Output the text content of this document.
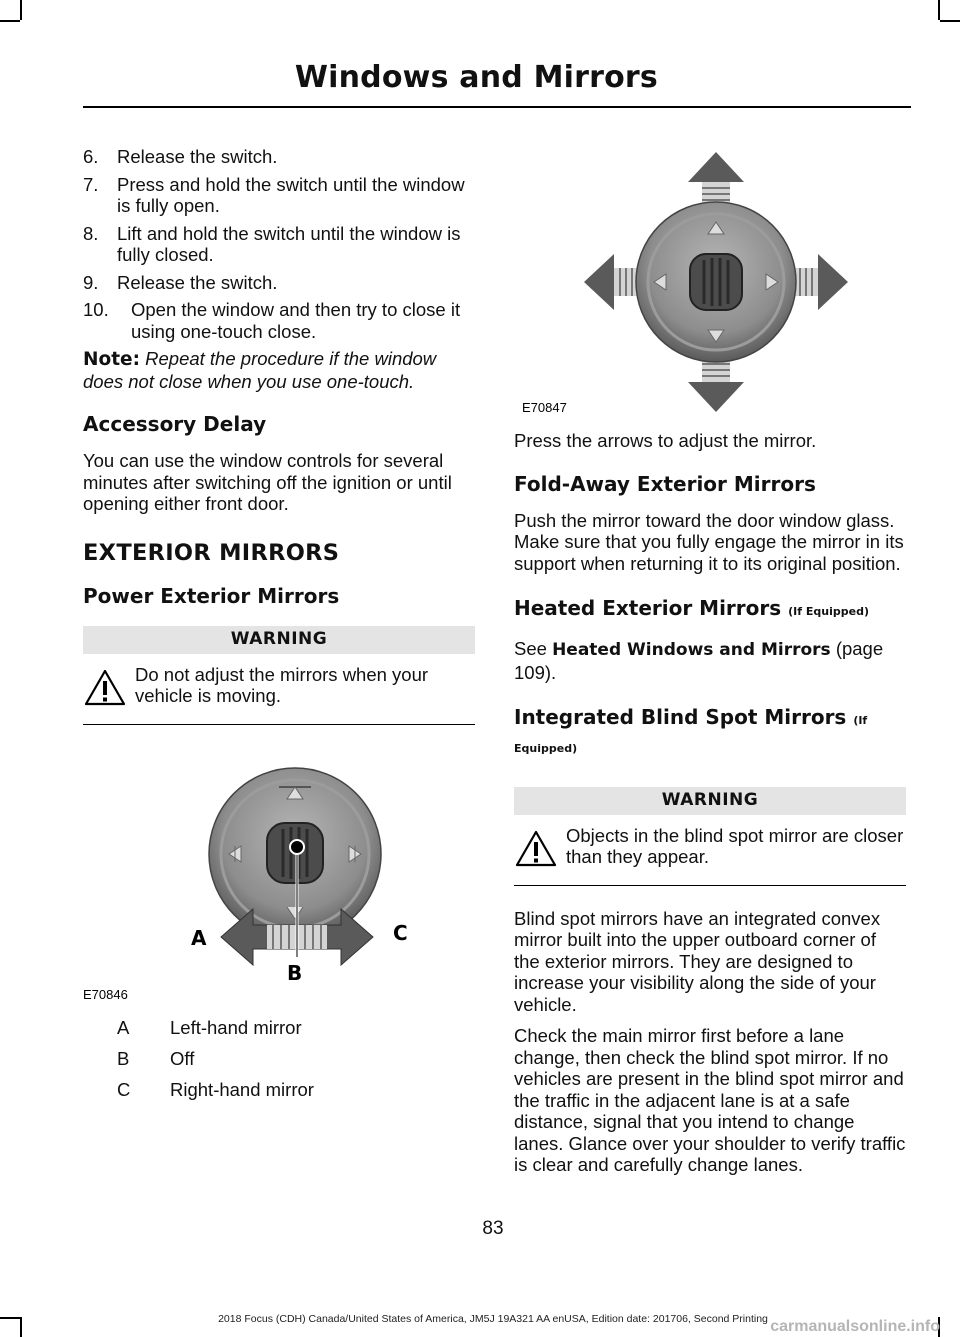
Windows and Mirrors
6. Release the switch.
7. Press and hold the switch until the window is fully open.
8. Lift and hold the switch until the window is fully closed.
9. Release the switch.
10. Open the window and then try to close it using one-touch close.

Note: Repeat the procedure if the window does not close when you use one-touch.

Accessory Delay

You can use the window controls for several minutes after switching off the ignition or until opening either front door.

EXTERIOR MIRRORS
Power Exterior Mirrors
WARNING
Do not adjust the mirrors when your vehicle is moving.
A	C
B
E70846
A Left-hand mirror
B Off
C Right-hand mirror
E70847

Press the arrows to adjust the mirror.

Fold-Away Exterior Mirrors

Push the mirror toward the door window glass. Make sure that you fully engage the mirror in its support when returning it to its original position.

Heated Exterior Mirrors (If Equipped)

See Heated Windows and Mirrors (page 109).

Integrated Blind Spot Mirrors (If Equipped)
WARNING
Objects in the blind spot mirror are closer than they appear.

Blind spot mirrors have an integrated convex mirror built into the upper outboard corner of the exterior mirrors. They are designed to increase your visibility along the side of your vehicle.

Check the main mirror first before a lane change, then check the blind spot mirror. If no vehicles are present in the blind spot mirror and the traffic in the adjacent lane is at a safe distance, signal that you intend to change lanes. Glance over your shoulder to verify traffic is clear and carefully change lanes.

83
2018 Focus (CDH) Canada/United States of America, JM5J 19A321 AA enUSA, Edition date: 201706, Second Printing carmanualsonline.info
